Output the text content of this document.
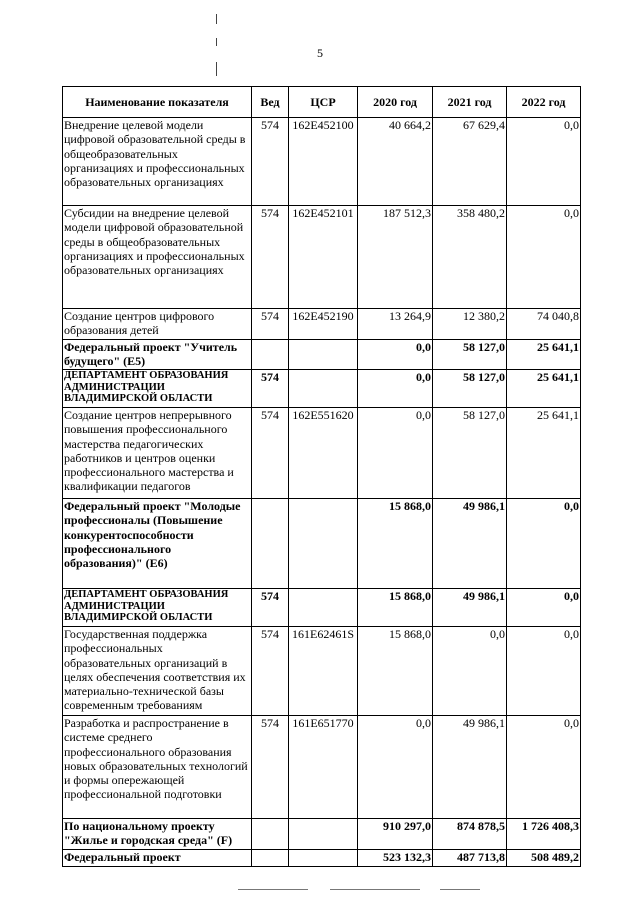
5
Наименование показателя	Вед	ЦСР	2020 год	2021 год	2022 год
Внедрение целевой модели цифровой образовательной среды в общеобразовательных организациях и профессиональных образовательных организациях	574	162E452100	40 664,2	67 629,4	0,0
Субсидии на внедрение целевой модели цифровой образовательной среды в общеобразовательных организациях и профессиональных образовательных организациях	574	162E452101	187 512,3	358 480,2	0,0
Создание центров цифрового образования детей	574	162E452190	13 264,9	12 380,2	74 040,8
Федеральный проект "Учитель будущего" (E5)			0,0	58 127,0	25 641,1
ДЕПАРТАМЕНТ ОБРАЗОВАНИЯ АДМИНИСТРАЦИИ ВЛАДИМИРСКОЙ ОБЛАСТИ	574		0,0	58 127,0	25 641,1
Создание центров непрерывного повышения профессионального мастерства педагогических работников и центров оценки профессионального мастерства и квалификации педагогов	574	162E551620	0,0	58 127,0	25 641,1
Федеральный проект "Молодые профессионалы (Повышение конкурентоспособности профессионального образования)" (E6)			15 868,0	49 986,1	0,0
ДЕПАРТАМЕНТ ОБРАЗОВАНИЯ АДМИНИСТРАЦИИ ВЛАДИМИРСКОЙ ОБЛАСТИ	574		15 868,0	49 986,1	0,0
Государственная поддержка профессиональных образовательных организаций в целях обеспечения соответствия их материально-технической базы современным требованиям	574	161E62461S	15 868,0	0,0	0,0
Разработка и распространение в системе среднего профессионального образования новых образовательных технологий и формы опережающей профессиональной подготовки	574	161E651770	0,0	49 986,1	0,0
По национальному проекту "Жилье и городская среда" (F)			910 297,0	874 878,5	1 726 408,3
Федеральный проект			523 132,3	487 713,8	508 489,2
